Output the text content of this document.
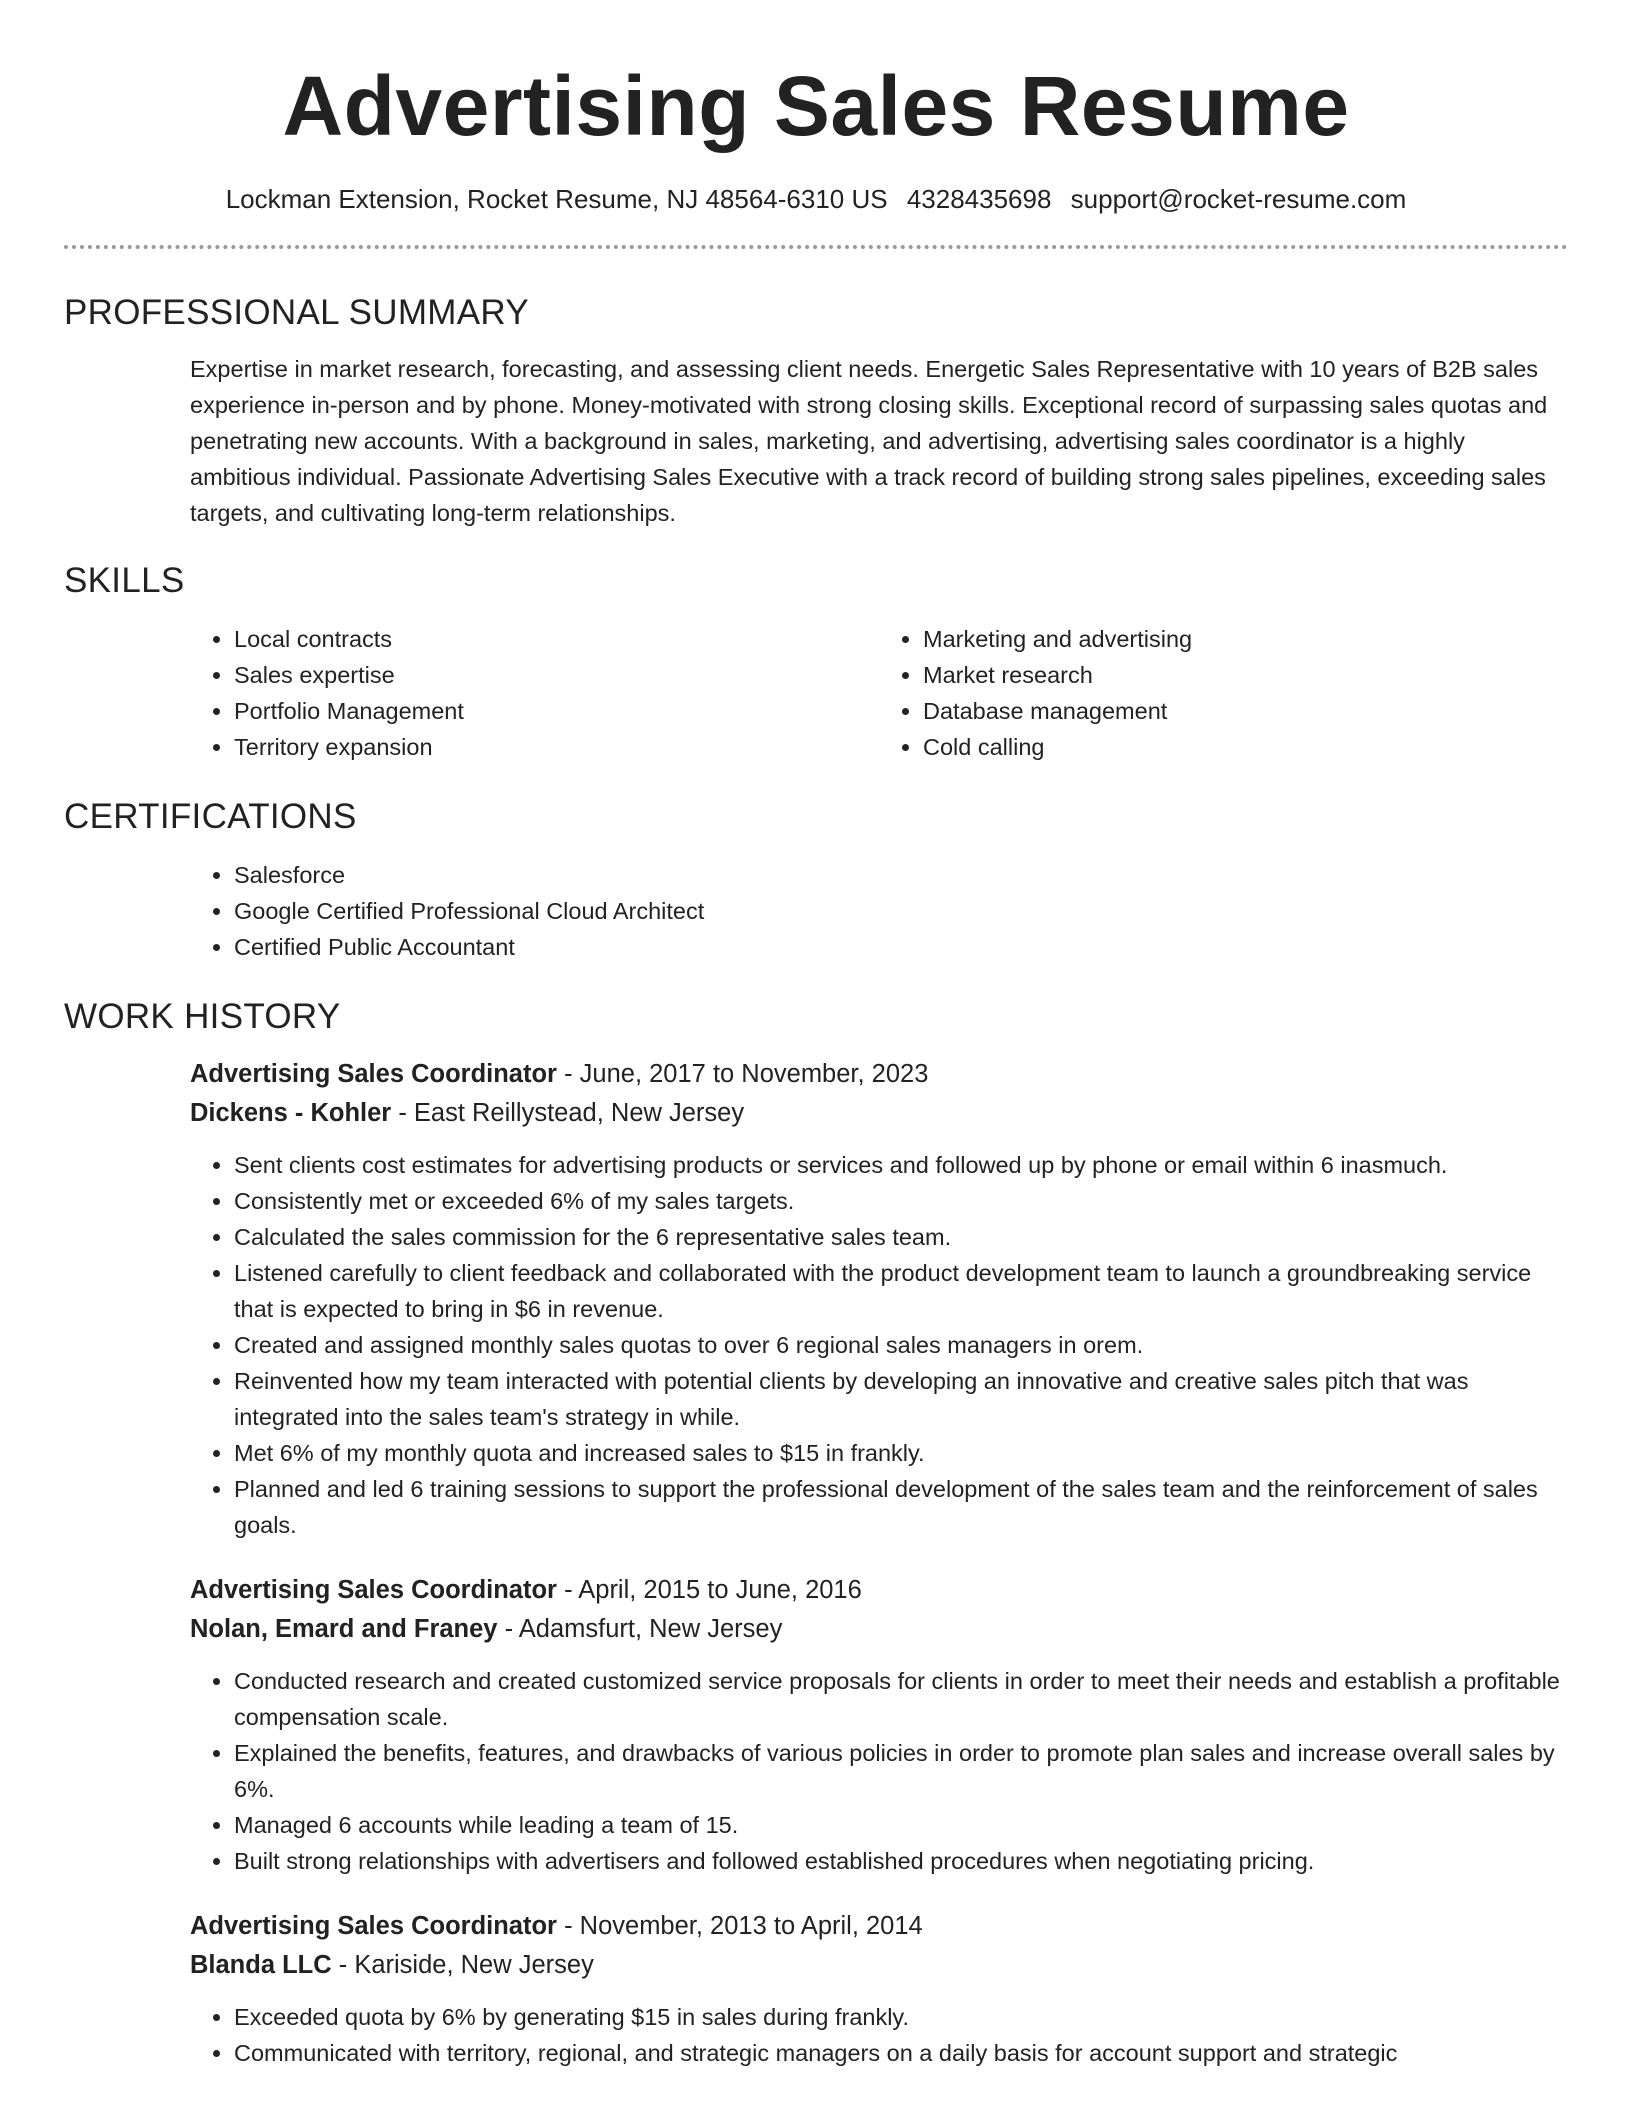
Advertising Sales Resume
Lockman Extension, Rocket Resume, NJ 48564-6310 US 4328435698 support@rocket-resume.com
PROFESSIONAL SUMMARY

Expertise in market research, forecasting, and assessing client needs. Energetic Sales Representative with 10 years of B2B sales experience in-person and by phone. Money-motivated with strong closing skills. Exceptional record of surpassing sales quotas and penetrating new accounts. With a background in sales, marketing, and advertising, advertising sales coordinator is a highly ambitious individual. Passionate Advertising Sales Executive with a track record of building strong sales pipelines, exceeding sales targets, and cultivating long-term relationships.

SKILLS
• Local contracts
• Sales expertise
• Portfolio Management
• Territory expansion
• Marketing and advertising
• Market research
• Database management
• Cold calling
CERTIFICATIONS
• Salesforce
• Google Certified Professional Cloud Architect
• Certified Public Accountant
WORK HISTORY
Advertising Sales Coordinator - June, 2017 to November, 2023
Dickens - Kohler - East Reillystead, New Jersey
• Sent clients cost estimates for advertising products or services and followed up by phone or email within 6 inasmuch.
• Consistently met or exceeded 6% of my sales targets.
• Calculated the sales commission for the 6 representative sales team.
• Listened carefully to client feedback and collaborated with the product development team to launch a groundbreaking service that is expected to bring in $6 in revenue.
• Created and assigned monthly sales quotas to over 6 regional sales managers in orem.
• Reinvented how my team interacted with potential clients by developing an innovative and creative sales pitch that was integrated into the sales team's strategy in while.
• Met 6% of my monthly quota and increased sales to $15 in frankly.
• Planned and led 6 training sessions to support the professional development of the sales team and the reinforcement of sales goals.
Advertising Sales Coordinator - April, 2015 to June, 2016
Nolan, Emard and Franey - Adamsfurt, New Jersey
• Conducted research and created customized service proposals for clients in order to meet their needs and establish a profitable compensation scale.
• Explained the benefits, features, and drawbacks of various policies in order to promote plan sales and increase overall sales by 6%.
• Managed 6 accounts while leading a team of 15.
• Built strong relationships with advertisers and followed established procedures when negotiating pricing.
Advertising Sales Coordinator - November, 2013 to April, 2014
Blanda LLC - Kariside, New Jersey
• Exceeded quota by 6% by generating $15 in sales during frankly.
• Communicated with territory, regional, and strategic managers on a daily basis for account support and strategic
